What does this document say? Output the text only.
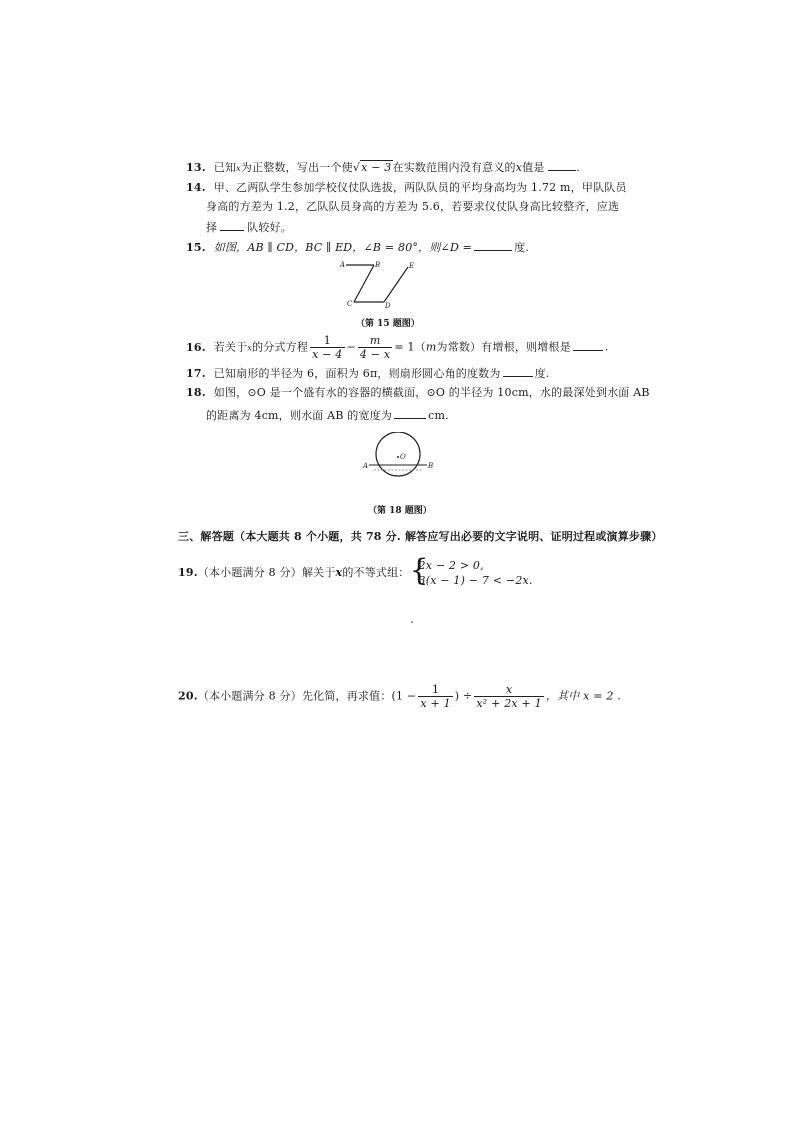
13. 已知x为正整数，写出一个使√x − 3在实数范围内没有意义的x值是	.
14. 甲、乙两队学生参加学校仪仗队选拔，两队队员的平均身高均为 1.72 m，甲队队员
身高的方差为 1.2，乙队队员身高的方差为 5.6，若要求仪仗队身高比较整齐，应选
择	队较好。
15. 如图，AB ∥ CD，BC ∥ ED，∠B = 80°，则∠D =	度.
A	B
C	D
E
（第 15 题图）
16. 若关于x的分式方程 $\frac{1}{x - 4} - \frac{m}{4 - x} = 1(m$为常数）有增根，则增根是	.
17. 已知扇形的半径为 6，面积为 6π，则扇形圆心角的度数为	度.
18. 如图，⊙O 是一个盛有水的容器的横截面，⊙O 的半径为 10cm，水的最深处到水面 AB
的距离为 4cm，则水面 AB 的宽度为	cm.
O
A	B
（第 18 题图）
三、解答题（本大题共 8 个小题，共 78 分. 解答应写出必要的文字说明、证明过程或演算步骤）
19.（本小题满分 8 分）解关于x的不等式组： {
2x − 2 > 0,
3(x − 1) − 7 < −2x.
20.（本小题满分 8 分）先化简，再求值：($1 - \frac{1}{x + 1}$ ) ÷ $\frac{x}{\text{x² + 2x + 1}}$ ，其中 x = 2 .
